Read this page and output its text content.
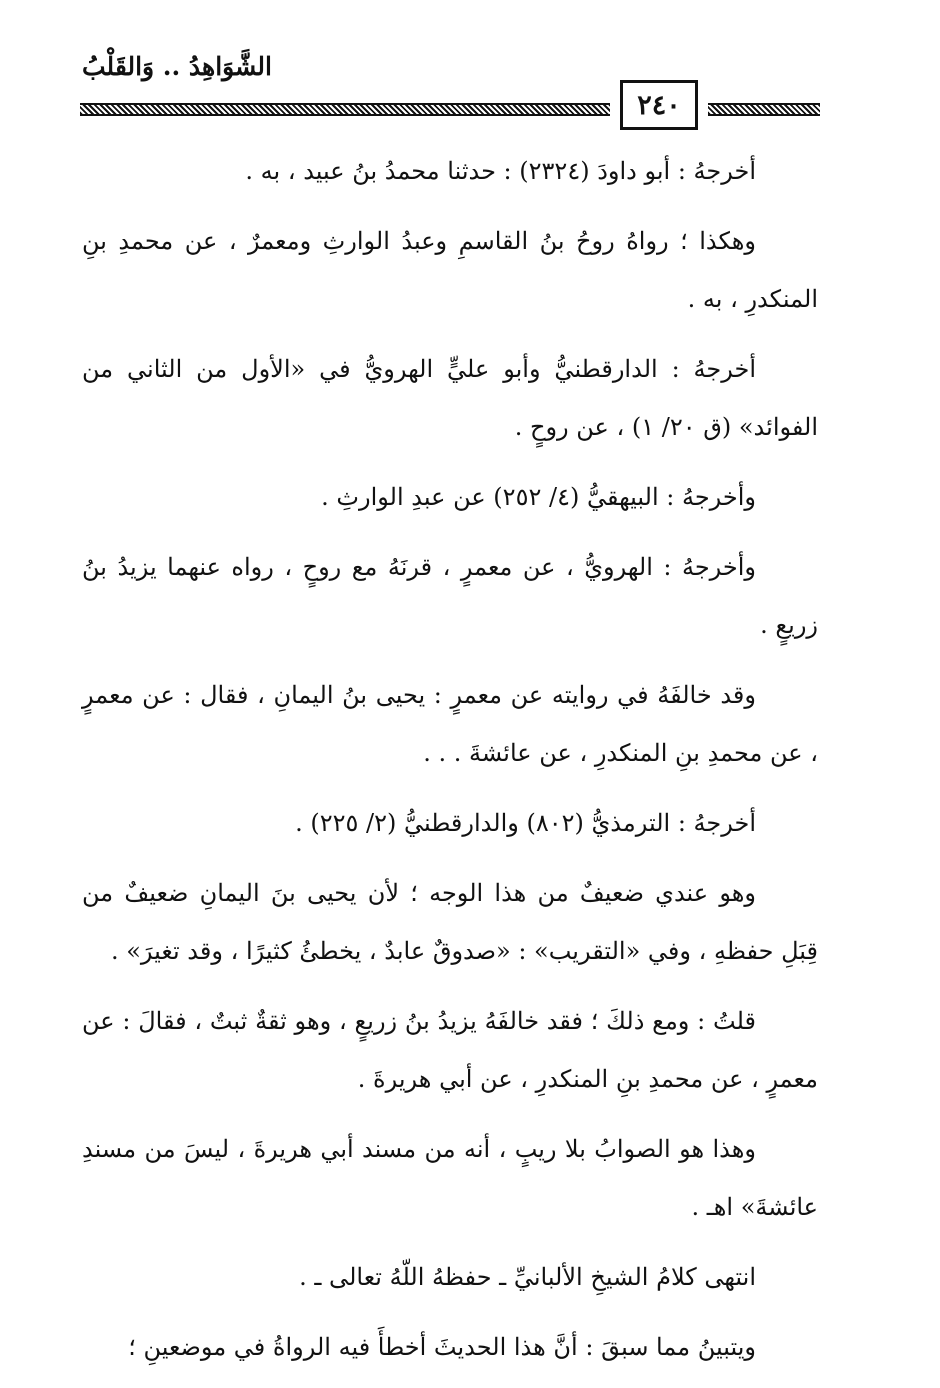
الشَّوَاهِدُ .. وَالقَلْبُ
٢٤٠

أخرجهُ : أبو داودَ (٢٣٢٤) : حدثنا محمدُ بنُ عبيد ، به .

وهكذا ؛ رواهُ روحُ بنُ القاسمِ وعبدُ الوارثِ ومعمرٌ ، عن محمدِ بنِ المنكدرِ ، به .

أخرجهُ : الدارقطنيُّ وأبو عليٍّ الهرويُّ في «الأول من الثاني من الفوائد» (ق ٢٠/ ١) ، عن روحٍ .

وأخرجهُ : البيهقيُّ (٤/ ٢٥٢) عن عبدِ الوارثِ .

وأخرجهُ : الهرويُّ ، عن معمرٍ ، قرنَهُ مع روحٍ ، رواه عنهما يزيدُ بنُ زريعٍ .

وقد خالفَهُ في روايته عن معمرٍ : يحيى بنُ اليمانِ ، فقال : عن معمرٍ ، عن محمدِ بنِ المنكدرِ ، عن عائشةَ . . .

أخرجهُ : الترمذيُّ (٨٠٢) والدارقطنيُّ (٢/ ٢٢٥) .

وهو عندي ضعيفٌ من هذا الوجه ؛ لأن يحيى بنَ اليمانِ ضعيفٌ من قِبَلِ حفظهِ ، وفي «التقريب» : «صدوقٌ عابدٌ ، يخطئُ كثيرًا ، وقد تغيرَ» .

قلتُ : ومع ذلكَ ؛ فقد خالفَهُ يزيدُ بنُ زريعٍ ، وهو ثقةٌ ثبتٌ ، فقالَ : عن معمرٍ ، عن محمدِ بنِ المنكدرِ ، عن أبي هريرةَ .

وهذا هو الصوابُ بلا ريبٍ ، أنه من مسند أبي هريرةَ ، ليسَ من مسندِ عائشةَ» اهـ .

انتهى كلامُ الشيخِ الألبانيِّ ـ حفظهُ اللّهُ تعالى ـ .

ويتبينُ مما سبقَ : أنَّ هذا الحديثَ أخطأَ فيه الرواةُ في موضعينِ ؛
